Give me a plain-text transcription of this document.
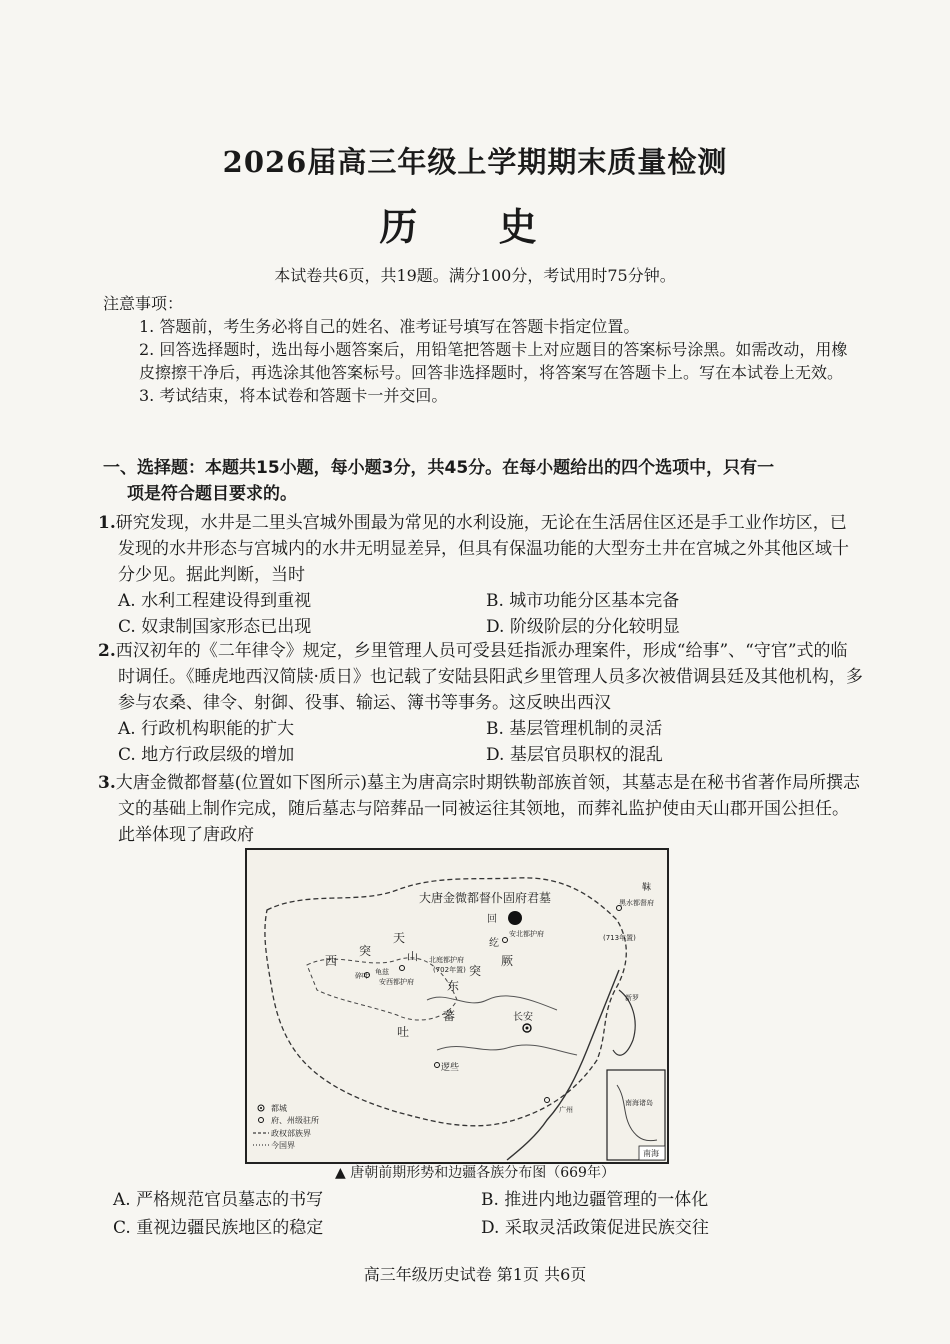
2026届高三年级上学期期末质量检测
历 史
本试卷共6页，共19题。满分100分，考试用时75分钟。

注意事项：

1. 答题前，考生务必将自己的姓名、准考证号填写在答题卡指定位置。

2. 回答选择题时，选出每小题答案后，用铅笔把答题卡上对应题目的答案标号涂黑。如需改动，用橡皮擦擦干净后，再选涂其他答案标号。回答非选择题时，将答案写在答题卡上。写在本试卷上无效。

3. 考试结束，将本试卷和答题卡一并交回。

一、选择题：本题共15小题，每小题3分，共45分。在每小题给出的四个选项中，只有一
项是符合题目要求的。

1.研究发现，水井是二里头宫城外围最为常见的水利设施，无论在生活居住区还是手工业作坊区，已发现的水井形态与宫城内的水井无明显差异，但具有保温功能的大型夯土井在宫城之外其他区域十分少见。据此判断，当时

A. 水利工程建设得到重视	B. 城市功能分区基本完备
C. 奴隶制国家形态已出现	D. 阶级阶层的分化较明显

2.西汉初年的《二年律令》规定，乡里管理人员可受县廷指派办理案件，形成“给事”、“守官”式的临时调任。《睡虎地西汉简牍·质日》也记载了安陆县阳武乡里管理人员多次被借调县廷及其他机构，多参与农桑、律令、射御、役事、输运、簿书等事务。这反映出西汉

A. 行政机构职能的扩大	B. 基层管理机制的灵活
C. 地方行政层级的增加	D. 基层官员职权的混乱

3.大唐金微都督墓(位置如下图所示)墓主为唐高宗时期铁勒部族首领，其墓志是在秘书省著作局所撰志文的基础上制作完成，随后墓志与陪葬品一同被运往其领地，而葬礼监护使由天山郡开国公担任。此举体现了唐政府

大唐金微都督仆固府君墓
回
安北都护府
纥
西
突
天
山 北庭都护府
(702年置)
碎叶 龟兹
安西都护府	东
突
厥
吐
蕃
逻些
长安
广州
靺
黑水都督府
(713年置)
新罗
都城
府、州级驻所
政权部族界
今国界
南海诸岛
南海
▲ 唐朝前期形势和边疆各族分布图（669年）
A. 严格规范官员墓志的书写	B. 推进内地边疆管理的一体化
C. 重视边疆民族地区的稳定	D. 采取灵活政策促进民族交往
高三年级历史试卷 第1页 共6页
